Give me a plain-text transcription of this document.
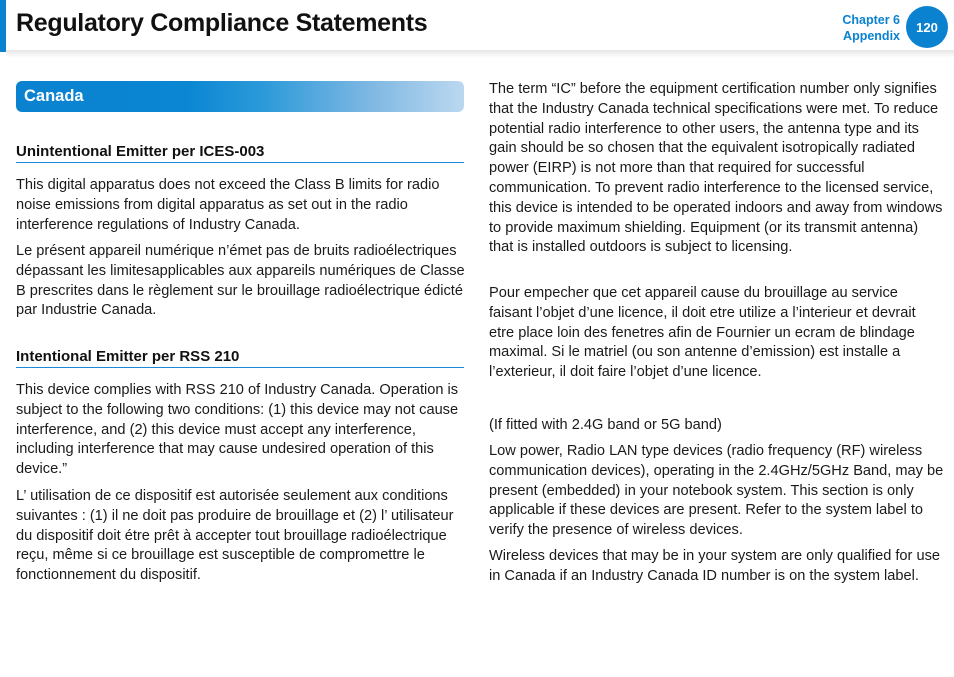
Regulatory Compliance Statements	Chapter 6
Appendix
120
Canada
Unintentional Emitter per ICES-003

This digital apparatus does not exceed the Class B limits for radio noise emissions from digital apparatus as set out in the radio interference regulations of Industry Canada.

Le présent appareil numérique n’émet pas de bruits radioélectriques dépassant les limitesapplicables aux appareils numériques de Classe B prescrites dans le règlement sur le brouillage radioélectrique édicté par Industrie Canada.

Intentional Emitter per RSS 210

This device complies with RSS 210 of Industry Canada. Operation is subject to the following two conditions: (1) this device may not cause interference, and (2) this device must accept any interference, including interference that may cause undesired operation of this device.”

L’ utilisation de ce dispositif est autorisée seulement aux conditions suivantes : (1) il ne doit pas produire de brouillage et (2) l’ utilisateur du dispositif doit étre prêt à accepter tout brouillage radioélectrique reçu, même si ce brouillage est susceptible de compromettre le fonctionnement du dispositif.

The term “IC” before the equipment certification number only signifies that the Industry Canada technical specifications were met. To reduce potential radio interference to other users, the antenna type and its gain should be so chosen that the equivalent isotropically radiated power (EIRP) is not more than that required for successful communication. To prevent radio interference to the licensed service, this device is intended to be operated indoors and away from windows to provide maximum shielding. Equipment (or its transmit antenna) that is installed outdoors is subject to licensing.

Pour empecher que cet appareil cause du brouillage au service faisant l’objet d’une licence, il doit etre utilize a l’interieur et devrait etre place loin des fenetres afin de Fournier un ecram de blindage maximal. Si le matriel (ou son antenne d’emission) est installe a l’exterieur, il doit faire l’objet d’une licence.

(If fitted with 2.4G band or 5G band)

Low power, Radio LAN type devices (radio frequency (RF) wireless communication devices), operating in the 2.4GHz/5GHz Band, may be present (embedded) in your notebook system. This section is only applicable if these devices are present. Refer to the system label to verify the presence of wireless devices.

Wireless devices that may be in your system are only qualified for use in Canada if an Industry Canada ID number is on the system label.
